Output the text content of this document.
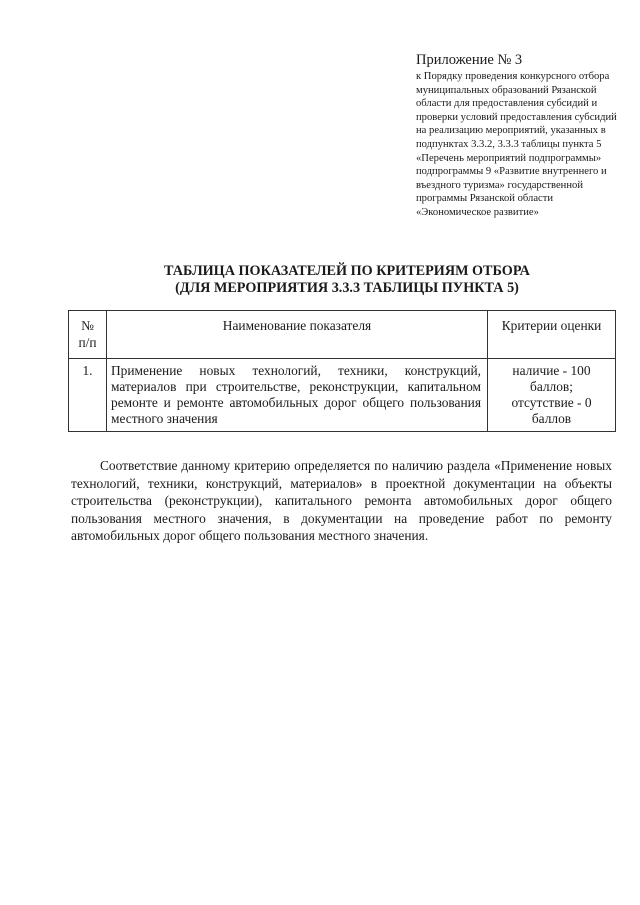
Приложение № 3
к Порядку проведения конкурсного отбора муниципальных образований Рязанской области для предоставления субсидий и проверки условий предоставления субсидий на реализацию мероприятий, указанных в подпунктах 3.3.2, 3.3.3 таблицы пункта 5 «Перечень мероприятий подпрограммы» подпрограммы 9 «Развитие внутреннего и въездного туризма» государственной программы Рязанской области «Экономическое развитие»
ТАБЛИЦА ПОКАЗАТЕЛЕЙ ПО КРИТЕРИЯМ ОТБОРА
(ДЛЯ МЕРОПРИЯТИЯ 3.3.3 ТАБЛИЦЫ ПУНКТА 5)
№
п/п	Наименование показателя	Критерии оценки
1.	Применение новых технологий, техники, конструкций, материалов при строительстве, реконструкции, капитальном ремонте и ремонте автомобильных дорог общего пользования местного значения	наличие - 100 баллов;
отсутствие - 0 баллов
Соответствие данному критерию определяется по наличию раздела «Применение новых технологий, техники, конструкций, материалов» в проектной документации на объекты строительства (реконструкции), капитального ремонта автомобильных дорог общего пользования местного значения, в документации на проведение работ по ремонту автомобильных дорог общего пользования местного значения.
